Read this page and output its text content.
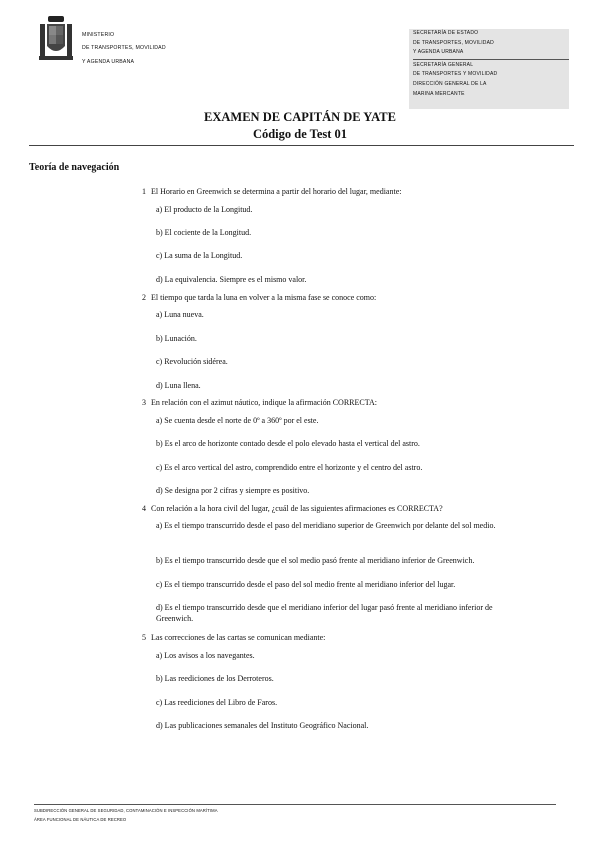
MINISTERIO
DE TRANSPORTES, MOVILIDAD
Y AGENDA URBANA
SECRETARÍA DE ESTADO
DE TRANSPORTES, MOVILIDAD
Y AGENDA URBANA
SECRETARÍA GENERAL
DE TRANSPORTES Y MOVILIDAD
DIRECCIÓN GENERAL DE LA
MARINA MERCANTE
EXAMEN DE CAPITÁN DE YATE
Código de Test 01
Teoría de navegación
1 El Horario en Greenwich se determina a partir del horario del lugar, mediante:
a) El producto de la Longitud.
b) El cociente de la Longitud.
c) La suma de la Longitud.
d) La equivalencia. Siempre es el mismo valor.
2 El tiempo que tarda la luna en volver a la misma fase se conoce como:
a) Luna nueva.
b) Lunación.
c) Revolución sidérea.
d) Luna llena.
3 En relación con el azimut náutico, indique la afirmación CORRECTA:
a) Se cuenta desde el norte de 0º a 360º por el este.
b) Es el arco de horizonte contado desde el polo elevado hasta el vertical del astro.
c) Es el arco vertical del astro, comprendido entre el horizonte y el centro del astro.
d) Se designa por 2 cifras y siempre es positivo.
4 Con relación a la hora civil del lugar, ¿cuál de las siguientes afirmaciones es CORRECTA?
a) Es el tiempo transcurrido desde el paso del meridiano superior de Greenwich por delante del sol medio.
b) Es el tiempo transcurrido desde que el sol medio pasó frente al meridiano inferior de Greenwich.
c) Es el tiempo transcurrido desde el paso del sol medio frente al meridiano inferior del lugar.
d) Es el tiempo transcurrido desde que el meridiano inferior del lugar pasó frente al meridiano inferior de Greenwich.
5 Las correcciones de las cartas se comunican mediante:
a) Los avisos a los navegantes.
b) Las reediciones de los Derroteros.
c) Las reediciones del Libro de Faros.
d) Las publicaciones semanales del Instituto Geográfico Nacional.
SUBDIRECCIÓN GENERAL DE SEGURIDAD, CONTAMINACIÓN E INSPECCIÓN MARÍTIMA
ÁREA FUNCIONAL DE NÁUTICA DE RECREO
